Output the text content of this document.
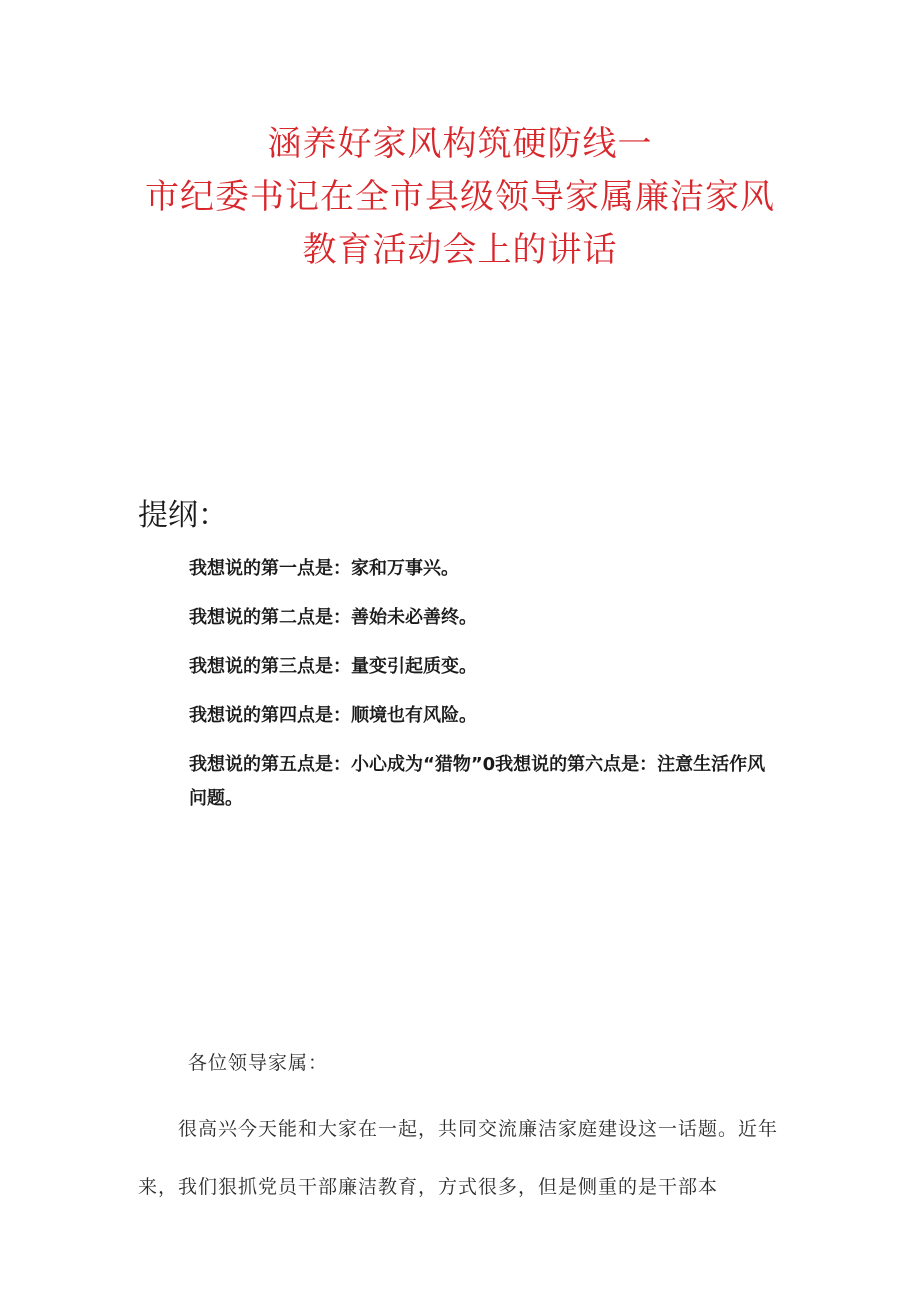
涵养好家风构筑硬防线一
市纪委书记在全市县级领导家属廉洁家风
教育活动会上的讲话
提纲：
我想说的第一点是：家和万事兴。
我想说的第二点是：善始未必善终。
我想说的第三点是：量变引起质变。
我想说的第四点是：顺境也有风险。
我想说的第五点是：小心成为“猎物”0我想说的第六点是：注意生活作风问题。
各位领导家属：
很高兴今天能和大家在一起，共同交流廉洁家庭建设这一话题。近年来，我们狠抓党员干部廉洁教育，方式很多，但是侧重的是干部本
